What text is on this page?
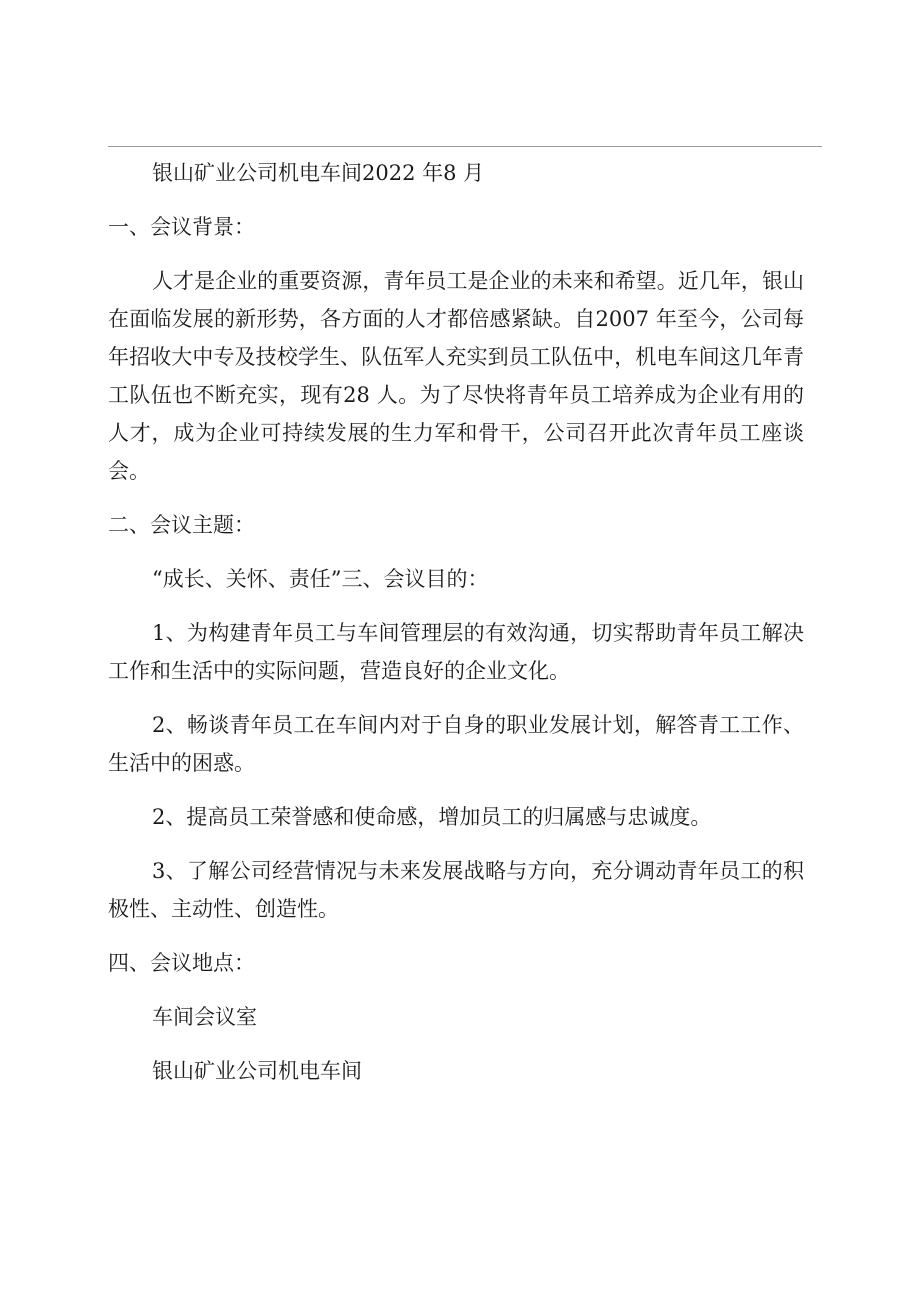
银山矿业公司机电车间2022 年8 月

一、会议背景：

人才是企业的重要资源，青年员工是企业的未来和希望。近几年，银山在面临发展的新形势，各方面的人才都倍感紧缺。自2007 年至今，公司每年招收大中专及技校学生、队伍军人充实到员工队伍中，机电车间这几年青工队伍也不断充实，现有28 人。为了尽快将青年员工培养成为企业有用的人才，成为企业可持续发展的生力军和骨干，公司召开此次青年员工座谈会。

二、会议主题：

“成长、关怀、责任”三、会议目的：

1、为构建青年员工与车间管理层的有效沟通，切实帮助青年员工解决工作和生活中的实际问题，营造良好的企业文化。

2、畅谈青年员工在车间内对于自身的职业发展计划，解答青工工作、生活中的困惑。

2、提高员工荣誉感和使命感，增加员工的归属感与忠诚度。

3、了解公司经营情况与未来发展战略与方向，充分调动青年员工的积极性、主动性、创造性。

四、会议地点：

车间会议室

银山矿业公司机电车间
